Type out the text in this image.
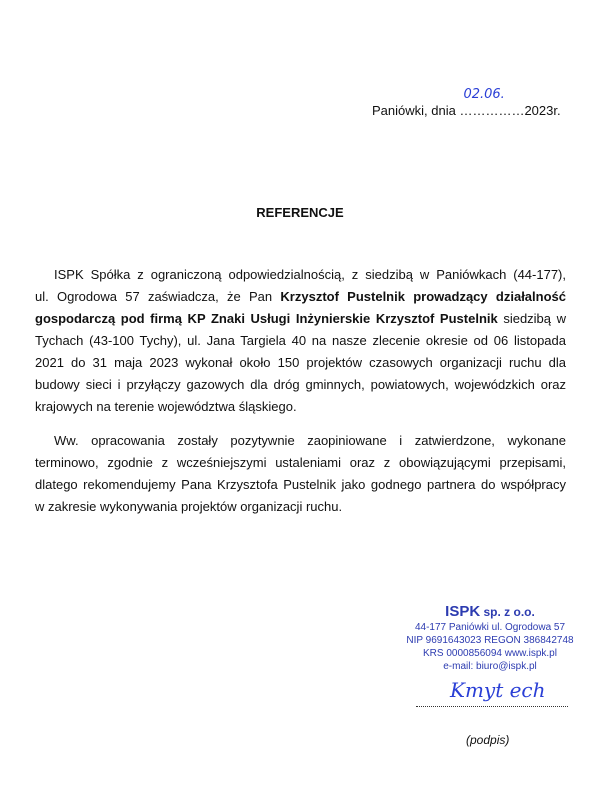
Paniówki, dnia ……………
02.06.
2023r.
REFERENCJE
ISPK Spółka z ograniczoną odpowiedzialnością, z siedzibą w Paniówkach (44-177),
ul. Ogrodowa 57 zaświadcza, że Pan Krzysztof Pustelnik prowadzący działalność
gospodarczą pod firmą KP Znaki Usługi Inżynierskie Krzysztof Pustelnik siedzibą w
Tychach (43-100 Tychy), ul. Jana Targiela 40 na nasze zlecenie okresie od 06 listopada
2021 do 31 maja 2023 wykonał około 150 projektów czasowych organizacji ruchu dla
budowy sieci i przyłączy gazowych dla dróg gminnych, powiatowych, wojewódzkich oraz
krajowych na terenie województwa śląskiego.
Ww. opracowania zostały pozytywnie zaopiniowane i zatwierdzone, wykonane
terminowo, zgodnie z wcześniejszymi ustaleniami oraz z obowiązującymi przepisami,
dlatego rekomendujemy Pana Krzysztofa Pustelnik jako godnego partnera do współpracy
w zakresie wykonywania projektów organizacji ruchu.
ISPK sp. z o.o.
44-177 Paniówki ul. Ogrodowa 57
NIP 9691643023 REGON 386842748
KRS 0000856094 www.ispk.pl
e-mail: biuro@ispk.pl
Kmyt ech
(podpis)
